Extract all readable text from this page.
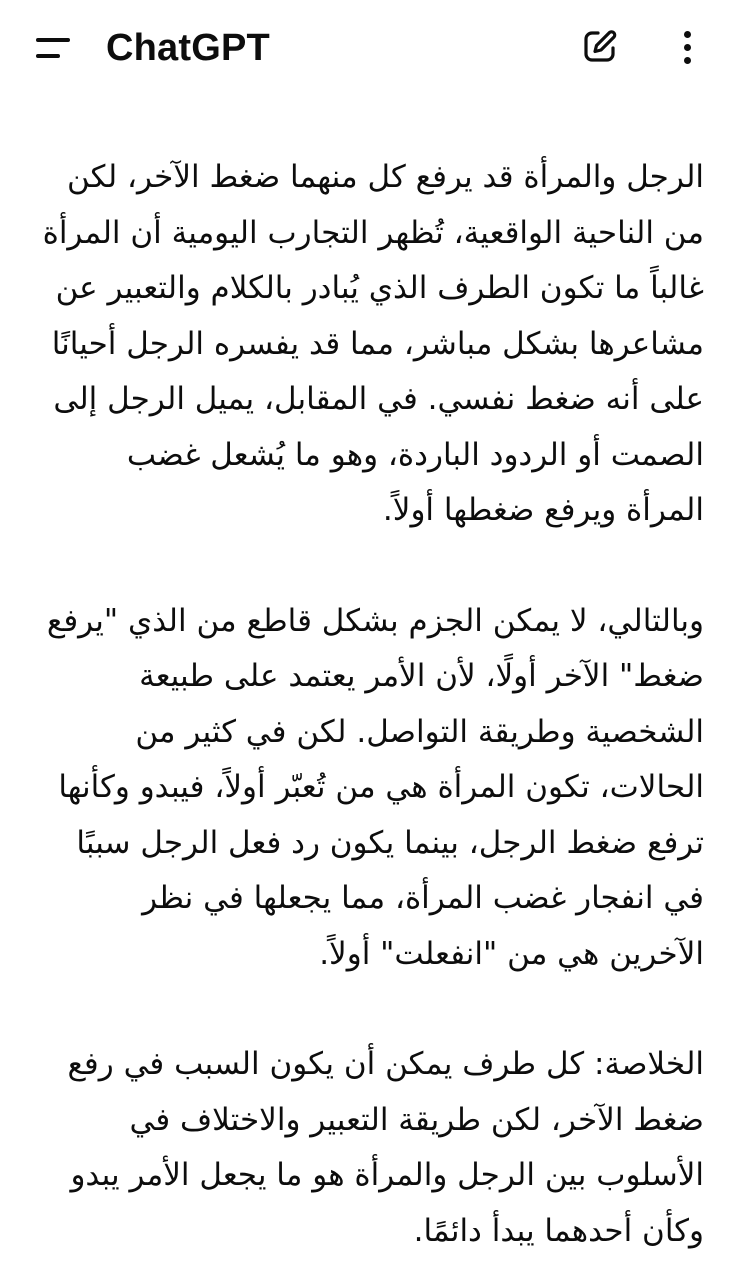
ChatGPT

الرجل والمرأة قد يرفع كل منهما ضغط الآخر، لكن من الناحية الواقعية، تُظهر التجارب اليومية أن المرأة غالباً ما تكون الطرف الذي يُبادر بالكلام والتعبير عن مشاعرها بشكل مباشر، مما قد يفسره الرجل أحيانًا على أنه ضغط نفسي. في المقابل، يميل الرجل إلى الصمت أو الردود الباردة، وهو ما يُشعل غضب المرأة ويرفع ضغطها أولاً.

وبالتالي، لا يمكن الجزم بشكل قاطع من الذي "يرفع ضغط" الآخر أولًا، لأن الأمر يعتمد على طبيعة الشخصية وطريقة التواصل. لكن في كثير من الحالات، تكون المرأة هي من تُعبّر أولاً، فيبدو وكأنها ترفع ضغط الرجل، بينما يكون رد فعل الرجل سببًا في انفجار غضب المرأة، مما يجعلها في نظر الآخرين هي من "انفعلت" أولاً.

الخلاصة: كل طرف يمكن أن يكون السبب في رفع ضغط الآخر، لكن طريقة التعبير والاختلاف في الأسلوب بين الرجل والمرأة هو ما يجعل الأمر يبدو وكأن أحدهما يبدأ دائمًا.
